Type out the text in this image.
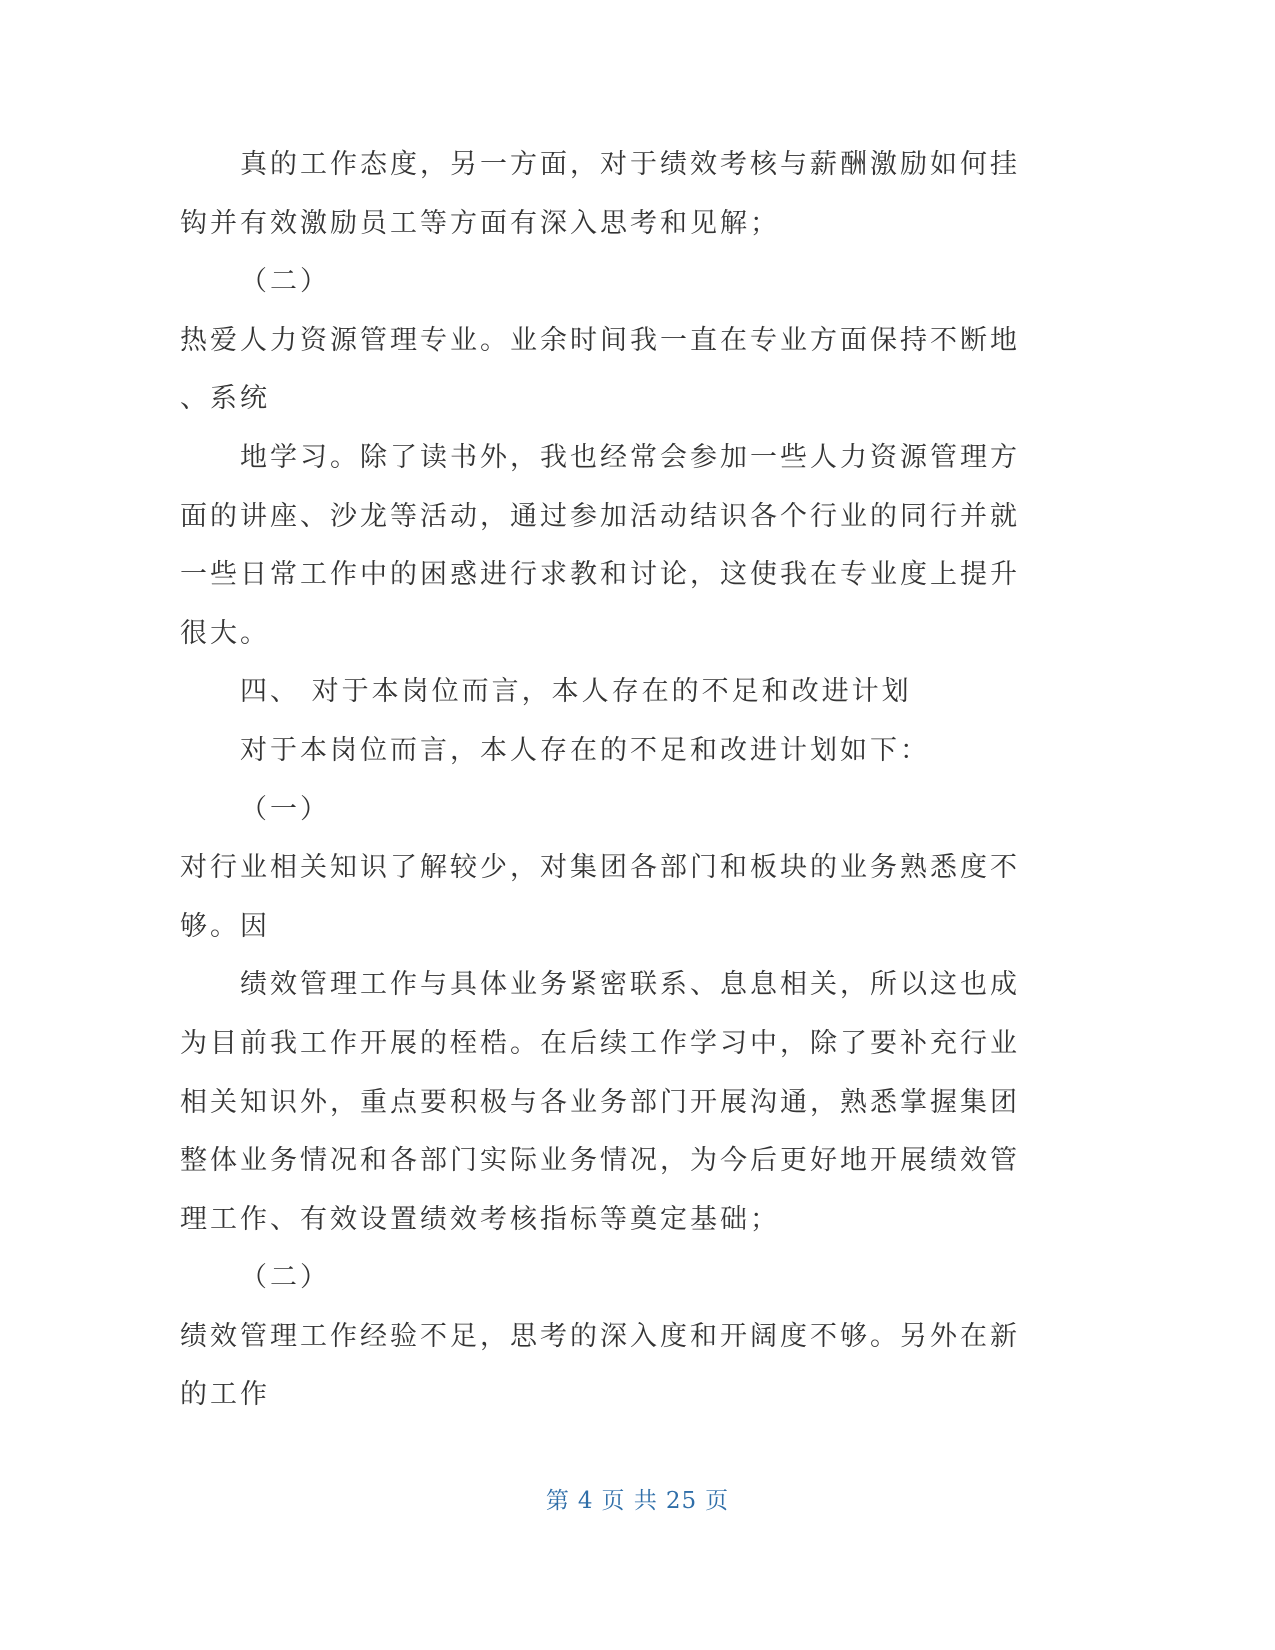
真的工作态度，另一方面，对于绩效考核与薪酬激励如何挂
钩并有效激励员工等方面有深入思考和见解；
（二）
热爱人力资源管理专业。业余时间我一直在专业方面保持不断地
、系统
地学习。除了读书外，我也经常会参加一些人力资源管理方
面的讲座、沙龙等活动，通过参加活动结识各个行业的同行并就
一些日常工作中的困惑进行求教和讨论，这使我在专业度上提升
很大。
四、 对于本岗位而言，本人存在的不足和改进计划
对于本岗位而言，本人存在的不足和改进计划如下：
（一）
对行业相关知识了解较少，对集团各部门和板块的业务熟悉度不
够。因
绩效管理工作与具体业务紧密联系、息息相关，所以这也成
为目前我工作开展的桎梏。在后续工作学习中，除了要补充行业
相关知识外，重点要积极与各业务部门开展沟通，熟悉掌握集团
整体业务情况和各部门实际业务情况，为今后更好地开展绩效管
理工作、有效设置绩效考核指标等奠定基础；
（二）
绩效管理工作经验不足，思考的深入度和开阔度不够。另外在新
的工作
第 4 页 共 25 页
